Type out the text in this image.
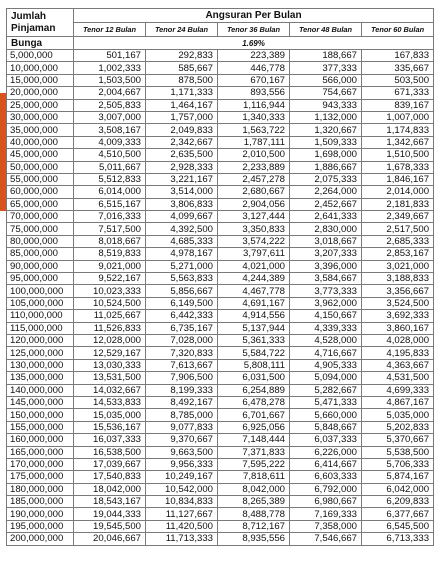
Jumlah
Pinjaman	Angsuran Per Bulan				
	Tenor 12 Bulan	Tenor 24 Bulan	Tenor 36 Bulan	Tenor 48 Bulan	Tenor 60 Bulan
Bunga	1.69%				
5,000,000	501,167	292,833	223,389	188,667	167,833
10,000,000	1,002,333	585,667	446,778	377,333	335,667
15,000,000	1,503,500	878,500	670,167	566,000	503,500
20,000,000	2,004,667	1,171,333	893,556	754,667	671,333
25,000,000	2,505,833	1,464,167	1,116,944	943,333	839,167
30,000,000	3,007,000	1,757,000	1,340,333	1,132,000	1,007,000
35,000,000	3,508,167	2,049,833	1,563,722	1,320,667	1,174,833
40,000,000	4,009,333	2,342,667	1,787,111	1,509,333	1,342,667
45,000,000	4,510,500	2,635,500	2,010,500	1,698,000	1,510,500
50,000,000	5,011,667	2,928,333	2,233,889	1,886,667	1,678,333
55,000,000	5,512,833	3,221,167	2,457,278	2,075,333	1,846,167
60,000,000	6,014,000	3,514,000	2,680,667	2,264,000	2,014,000
65,000,000	6,515,167	3,806,833	2,904,056	2,452,667	2,181,833
70,000,000	7,016,333	4,099,667	3,127,444	2,641,333	2,349,667
75,000,000	7,517,500	4,392,500	3,350,833	2,830,000	2,517,500
80,000,000	8,018,667	4,685,333	3,574,222	3,018,667	2,685,333
85,000,000	8,519,833	4,978,167	3,797,611	3,207,333	2,853,167
90,000,000	9,021,000	5,271,000	4,021,000	3,396,000	3,021,000
95,000,000	9,522,167	5,563,833	4,244,389	3,584,667	3,188,833
100,000,000	10,023,333	5,856,667	4,467,778	3,773,333	3,356,667
105,000,000	10,524,500	6,149,500	4,691,167	3,962,000	3,524,500
110,000,000	11,025,667	6,442,333	4,914,556	4,150,667	3,692,333
115,000,000	11,526,833	6,735,167	5,137,944	4,339,333	3,860,167
120,000,000	12,028,000	7,028,000	5,361,333	4,528,000	4,028,000
125,000,000	12,529,167	7,320,833	5,584,722	4,716,667	4,195,833
130,000,000	13,030,333	7,613,667	5,808,111	4,905,333	4,363,667
135,000,000	13,531,500	7,906,500	6,031,500	5,094,000	4,531,500
140,000,000	14,032,667	8,199,333	6,254,889	5,282,667	4,699,333
145,000,000	14,533,833	8,492,167	6,478,278	5,471,333	4,867,167
150,000,000	15,035,000	8,785,000	6,701,667	5,660,000	5,035,000
155,000,000	15,536,167	9,077,833	6,925,056	5,848,667	5,202,833
160,000,000	16,037,333	9,370,667	7,148,444	6,037,333	5,370,667
165,000,000	16,538,500	9,663,500	7,371,833	6,226,000	5,538,500
170,000,000	17,039,667	9,956,333	7,595,222	6,414,667	5,706,333
175,000,000	17,540,833	10,249,167	7,818,611	6,603,333	5,874,167
180,000,000	18,042,000	10,542,000	8,042,000	6,792,000	6,042,000
185,000,000	18,543,167	10,834,833	8,265,389	6,980,667	6,209,833
190,000,000	19,044,333	11,127,667	8,488,778	7,169,333	6,377,667
195,000,000	19,545,500	11,420,500	8,712,167	7,358,000	6,545,500
200,000,000	20,046,667	11,713,333	8,935,556	7,546,667	6,713,333
